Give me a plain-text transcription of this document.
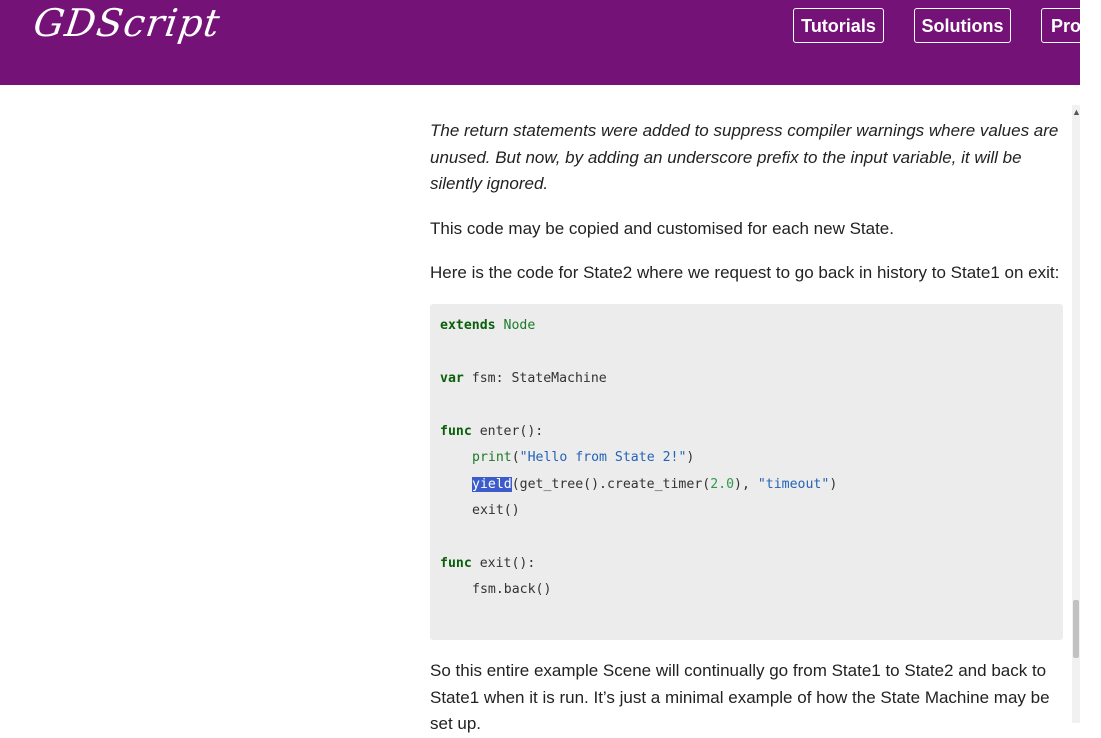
GDScript	Tutorials	Solutions	Proj

The return statements were added to suppress compiler warnings where values are unused. But now, by adding an underscore prefix to the input variable, it will be silently ignored.

This code may be copied and customised for each new State.

Here is the code for State2 where we request to go back in history to State1 on exit:

extends Node
var fsm: StateMachine
func enter():
print("Hello from State 2!")
yield(get_tree().create_timer(2.0), "timeout")
exit()
func exit():
fsm.back()

So this entire example Scene will continually go from State1 to State2 and back to State1 when it is run. It’s just a minimal example of how the State Machine may be set up.

▲
